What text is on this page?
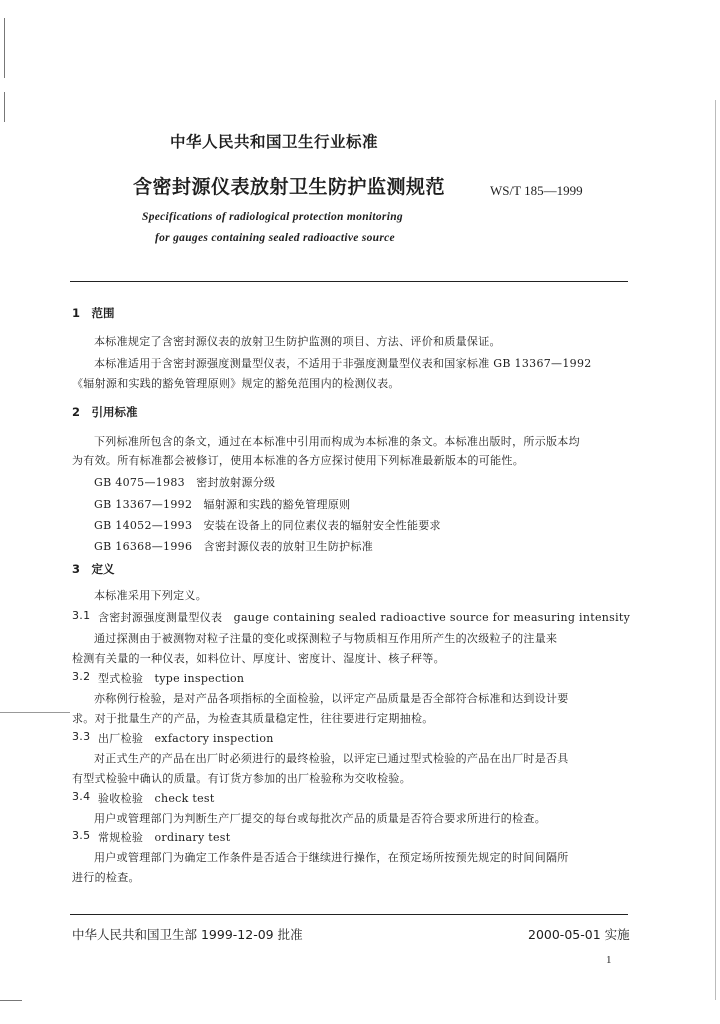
中华人民共和国卫生行业标准
含密封源仪表放射卫生防护监测规范	WS/T 185—1999
Specifications of radiological protection monitoring
for gauges containing sealed radioactive source
1　范围
本标准规定了含密封源仪表的放射卫生防护监测的项目、方法、评价和质量保证。
本标准适用于含密封源强度测量型仪表，不适用于非强度测量型仪表和国家标准 GB 13367—1992
《辐射源和实践的豁免管理原则》规定的豁免范围内的检测仪表。
2　引用标准
下列标准所包含的条文，通过在本标准中引用而构成为本标准的条文。本标准出版时，所示版本均
为有效。所有标准都会被修订，使用本标准的各方应探讨使用下列标准最新版本的可能性。
GB 4075—1983　密封放射源分级
GB 13367—1992　辐射源和实践的豁免管理原则
GB 14052—1993　安装在设备上的同位素仪表的辐射安全性能要求
GB 16368—1996　含密封源仪表的放射卫生防护标准
3　定义
本标准采用下列定义。
3.1 含密封源强度测量型仪表　gauge containing sealed radioactive source for measuring intensity
通过探测由于被测物对粒子注量的变化或探测粒子与物质相互作用所产生的次级粒子的注量来
检测有关量的一种仪表，如料位计、厚度计、密度计、湿度计、核子秤等。
3.2 型式检验　type inspection
亦称例行检验，是对产品各项指标的全面检验，以评定产品质量是否全部符合标准和达到设计要
求。对于批量生产的产品，为检查其质量稳定性，往往要进行定期抽检。
3.3 出厂检验　exfactory inspection
对正式生产的产品在出厂时必须进行的最终检验，以评定已通过型式检验的产品在出厂时是否具
有型式检验中确认的质量。有订货方参加的出厂检验称为交收检验。
3.4 验收检验　check test
用户或管理部门为判断生产厂提交的每台或每批次产品的质量是否符合要求所进行的检查。
3.5 常规检验　ordinary test
用户或管理部门为确定工作条件是否适合于继续进行操作，在预定场所按预先规定的时间间隔所
进行的检查。
中华人民共和国卫生部 1999-12-09 批准	2000-05-01 实施
1
